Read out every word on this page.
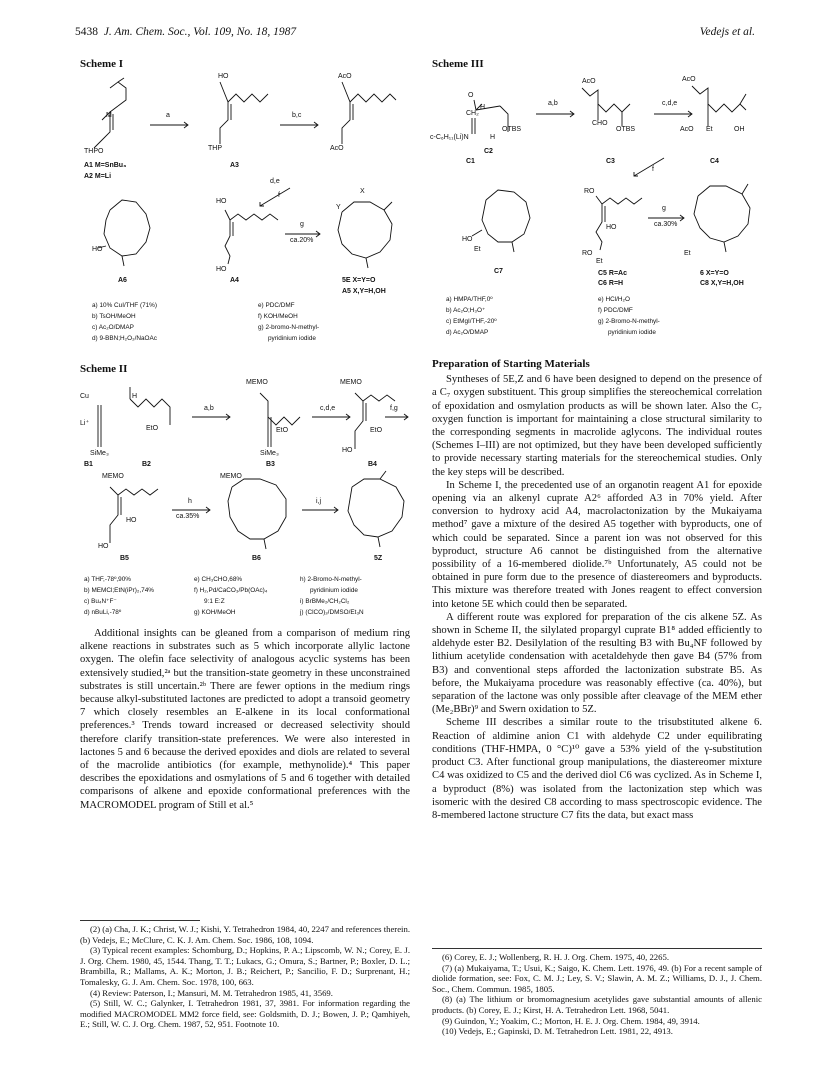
5438 J. Am. Chem. Soc., Vol. 109, No. 18, 1987	Vedejs et al.
Scheme I
M
THPO
HO
THP
AcO
AcO
X
Y
HO
HO
HO
a	b,c
d,e
f
g
ca.20%
A1 M=SnBu₃
A2 M=Li
A3
A6	A4	5E X=Y=O
A5 X,Y=H,OH
a) 10% CuI/THF (71%)
b) TsOH/MeOH
c) Ac₂O/DMAP
d) 9-BBN;H₂O₂/NaOAc
e) PDC/DMF
f) KOH/MeOH
g) 2-bromo-N-methyl-
pyridinium iodide
Scheme II
Cu
Li⁺
SiMe₃
H
EtO
MEMO
EtO
SiMe₃
MEMO
EtO
HO
MEMO
HO
HO
MEMO
a,b	c,d,e	f,g
h
ca.35%
i,j
B1	B2	B3	B4
B5	B6	5Z
a) THF,-78º,90%
b) MEMCl;EtN(iPr)₂,74%
c) Bu₄N⁺F⁻
d) nBuLi,-78º
e) CH₃CHO,68%
f) H₂,Pd/CaCO₃/Pb(OAc)₄
9:1 E:Z
g) KOH/MeOH
h) 2-Bromo-N-methyl-
pyridinium iodide
i) BrBMe₂/CH₂Cl₂
j) (ClCO)₂/DMSO/Et₃N
Scheme III
O
H
CH₂
c-C₆H₁₁(Li)N	H
OTBS
AcO
CHO
OTBS
AcO
AcO Et	OH
HO
Et
RO
HO
RO
Et
Et
a,b	c,d,e
f
g
ca.30%
C2
C1	C3	C4
C7	C5 R=Ac
C6 R=H
6 X=Y=O
C8 X,Y=H,OH
a) HMPA/THF,0º
b) Ac₂O;H₃O⁺
c) EtMgI/THF,-20º
d) Ac₂O/DMAP
e) HCl/H₂O
f) PDC/DMF
g) 2-Bromo-N-methyl-
pyridinium iodide

Additional insights can be gleaned from a comparison of medium ring alkene reactions in substrates such as 5 which incorporate allylic lactone oxygen. The olefin face selectivity of analogous acyclic systems has been extensively studied,²ᵃ but the transition-state geometry in these unconstrained substrates is still uncertain.²ᵇ There are fewer options in the medium rings because alkyl-substituted lactones are predicted to adopt a transoid geometry 7 which closely resembles an E-alkene in its local conformational preferences.³ Trends toward increased or decreased selectivity should therefore clarify transition-state preferences. We were also interested in lactones 5 and 6 because the derived epoxides and diols are related to several of the macrolide antibiotics (for example, methynolide).⁴ This paper describes the epoxidations and osmylations of 5 and 6 together with detailed comparisons of alkene and epoxide conformational preferences with the MACROMODEL program of Still et al.⁵

Preparation of Starting Materials

Syntheses of 5E,Z and 6 have been designed to depend on the presence of a C₇ oxygen substituent. This group simplifies the stereochemical correlation of epoxidation and osmylation products as will be shown later. Also the C₇ oxygen function is important for maintaining a close structural similarity to the corresponding segments in macrolide aglycons. The individual routes (Schemes I–III) are not optimized, but they have been developed sufficiently to provide necessary starting materials for the stereochemical studies. Only the key steps will be described.

In Scheme I, the precedented use of an organotin reagent A1 for epoxide opening via an alkenyl cuprate A2⁶ afforded A3 in 70% yield. After conversion to hydroxy acid A4, macrolactonization by the Mukaiyama method⁷ gave a mixture of the desired A5 together with byproducts, one of which could be separated. Since a parent ion was not observed for this byproduct, structure A6 cannot be distinguished from the alternative possibility of a 16-membered diolide.⁷ᵇ Unfortunately, A5 could not be obtained in pure form due to the presence of diastereomers and byproducts. This mixture was therefore treated with Jones reagent to effect conversion into ketone 5E which could then be separated.

A different route was explored for preparation of the cis alkene 5Z. As shown in Scheme II, the silylated propargyl cuprate B1⁸ added efficiently to aldehyde ester B2. Desilylation of the resulting B3 with Bu₄NF followed by lithium acetylide condensation with acetaldehyde then gave B4 (57% from B3) and conventional steps afforded the lactonization substrate B5. As before, the Mukaiyama procedure was reasonably effective (ca. 40%), but separation of the lactone was only possible after cleavage of the MEM ether (Me₂BBr)⁹ and Swern oxidation to 5Z.

Scheme III describes a similar route to the trisubstituted alkene 6. Reaction of aldimine anion C1 with aldehyde C2 under equilibrating conditions (THF-HMPA, 0 °C)¹⁰ gave a 53% yield of the γ-substitution product C3. After functional group manipulations, the diastereomer mixture C4 was oxidized to C5 and the derived diol C6 was cyclized. As in Scheme I, a byproduct (8%) was isolated from the lactonization step which was isomeric with the desired C8 according to mass spectroscopic evidence. The 8-membered lactone structure C7 fits the data, but exact mass

(2) (a) Cha, J. K.; Christ, W. J.; Kishi, Y. Tetrahedron 1984, 40, 2247 and references therein. (b) Vedejs, E.; McClure, C. K. J. Am. Chem. Soc. 1986, 108, 1094.
(3) Typical recent examples: Schomburg, D.; Hopkins, P. A.; Lipscomb, W. N.; Corey, E. J. J. Org. Chem. 1980, 45, 1544. Thang, T. T.; Lukacs, G.; Omura, S.; Bartner, P.; Boxler, D. L.; Brambilla, R.; Mallams, A. K.; Morton, J. B.; Reichert, P.; Sancilio, F. D.; Surprenant, H.; Tomalesky, G. J. Am. Chem. Soc. 1978, 100, 663.
(4) Review: Paterson, I.; Mansuri, M. M. Tetrahedron 1985, 41, 3569.
(5) Still, W. C.; Galynker, I. Tetrahedron 1981, 37, 3981. For information regarding the modified MACROMODEL MM2 force field, see: Goldsmith, D. J.; Bowen, J. P.; Qamhiyeh, E.; Still, W. C. J. Org. Chem. 1987, 52, 951. Footnote 10.
(6) Corey, E. J.; Wollenberg, R. H. J. Org. Chem. 1975, 40, 2265.
(7) (a) Mukaiyama, T.; Usui, K.; Saigo, K. Chem. Lett. 1976, 49. (b) For a recent sample of diolide formation, see: Fox, C. M. J.; Ley, S. V.; Slawin, A. M. Z.; Williams, D. J., J. Chem. Soc., Chem. Commun. 1985, 1805.
(8) (a) The lithium or bromomagnesium acetylides gave substantial amounts of allenic products. (b) Corey, E. J.; Kirst, H. A. Tetrahedron Lett. 1968, 5041.
(9) Guindon, Y.; Yoakim, C.; Morton, H. E. J. Org. Chem. 1984, 49, 3914.
(10) Vedejs, E.; Gapinski, D. M. Tetrahedron Lett. 1981, 22, 4913.
